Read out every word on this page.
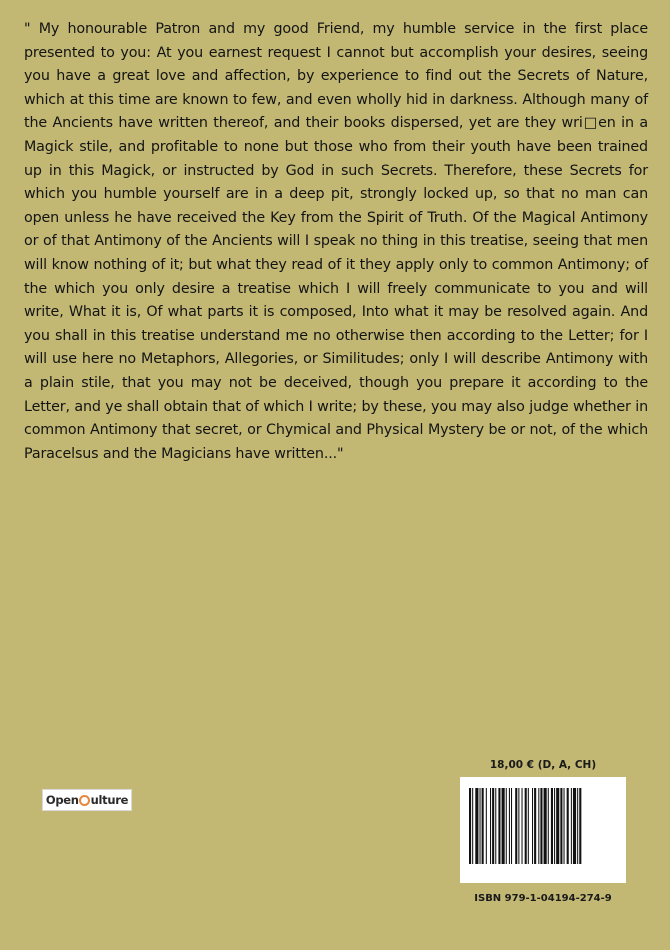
" My honourable Patron and my good Friend, my humble service in the first place presented to you: At you earnest request I cannot but accomplish your desires, seeing you have a great love and affection, by experience to find out the Secrets of Nature, which at this time are known to few, and even wholly hid in darkness. Although many of the Ancients have written thereof, and their books dispersed, yet are they wri□en in a Magick stile, and profitable to none but those who from their youth have been trained up in this Magick, or instructed by God in such Secrets. Therefore, these Secrets for which you humble yourself are in a deep pit, strongly locked up, so that no man can open unless he have received the Key from the Spirit of Truth. Of the Magical Antimony or of that Antimony of the Ancients will I speak no thing in this treatise, seeing that men will know nothing of it; but what they read of it they apply only to common Antimony; of the which you only desire a treatise which I will freely communicate to you and will write, What it is, Of what parts it is composed, Into what it may be resolved again. And you shall in this treatise understand me no otherwise then according to the Letter; for I will use here no Metaphors, Allegories, or Similitudes; only I will describe Antimony with a plain stile, that you may not be deceived, though you prepare it according to the Letter, and ye shall obtain that of which I write; by these, you may also judge whether in common Antimony that secret, or Chymical and Physical Mystery be or not, of the which Paracelsus and the Magicians have written..."

Open ulture
18,00 € (D, A, CH)
ISBN 979-1-04194-274-9
